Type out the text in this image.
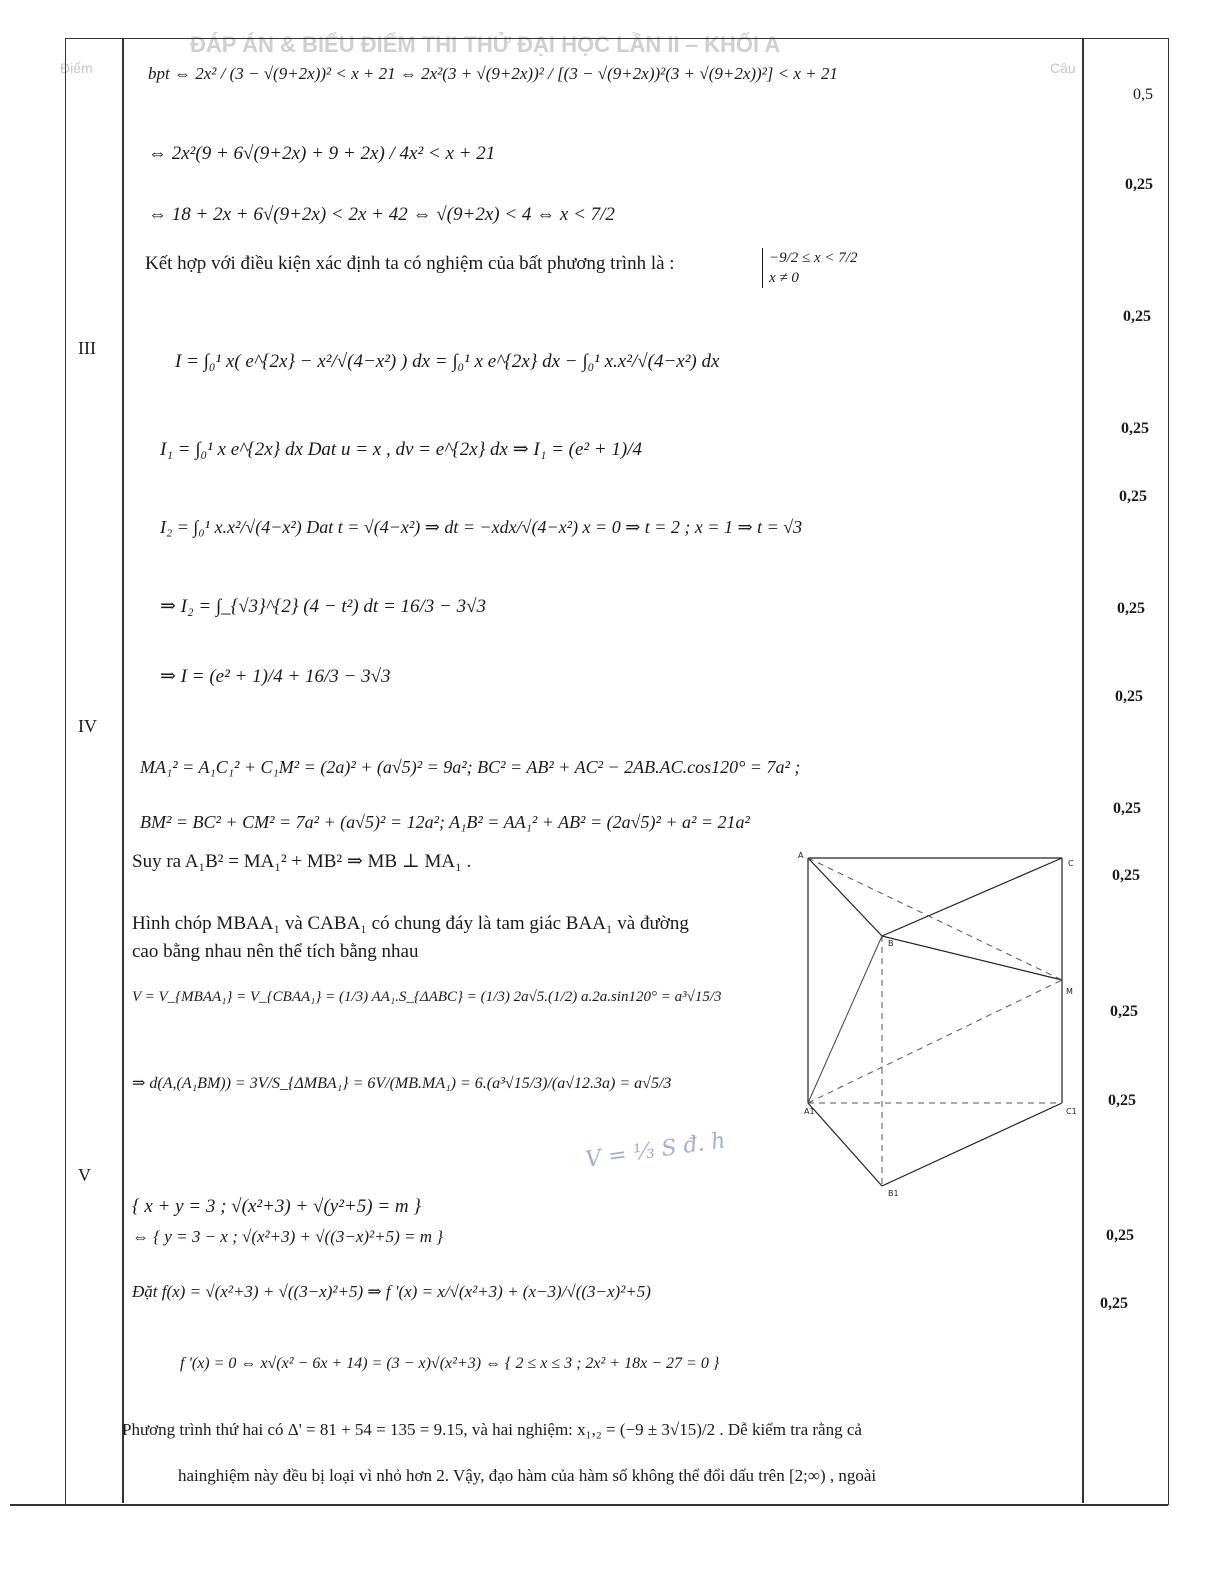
ĐÁP ÁN & BIỂU ĐIỂM THI THỬ ĐẠI HỌC LẦN II – KHỐI A
Câu
Điểm
III
IV
V
bpt ⇔ 2x² / (3 − √(9+2x))² < x + 21 ⇔ 2x²(3 + √(9+2x))² / [(3 − √(9+2x))²(3 + √(9+2x))²] < x + 21
⇔ 2x²(9 + 6√(9+2x) + 9 + 2x) / 4x² < x + 21
⇔ 18 + 2x + 6√(9+2x) < 2x + 42 ⇔ √(9+2x) < 4 ⇔ x < 7/2
Kết hợp với điều kiện xác định ta có nghiệm của bất phương trình là :	−9/2 ≤ x < 7/2
x ≠ 0
I = ∫₀¹ x( e^{2x} − x²/√(4−x²) ) dx = ∫₀¹ x e^{2x} dx − ∫₀¹ x.x²/√(4−x²) dx
I₁ = ∫₀¹ x e^{2x} dx Dat u = x , dv = e^{2x} dx ⇒ I₁ = (e² + 1)/4
I₂ = ∫₀¹ x.x²/√(4−x²) Dat t = √(4−x²) ⇒ dt = −xdx/√(4−x²) x = 0 ⇒ t = 2 ; x = 1 ⇒ t = √3
⇒ I₂ = ∫_{√3}^{2} (4 − t²) dt = 16/3 − 3√3
⇒ I = (e² + 1)/4 + 16/3 − 3√3
MA₁² = A₁C₁² + C₁M² = (2a)² + (a√5)² = 9a²; BC² = AB² + AC² − 2AB.AC.cos120° = 7a² ;
BM² = BC² + CM² = 7a² + (a√5)² = 12a²; A₁B² = AA₁² + AB² = (2a√5)² + a² = 21a²
Suy ra A₁B² = MA₁² + MB² ⇒ MB ⊥ MA₁ .
Hình chóp MBAA₁ và CABA₁ có chung đáy là tam giác BAA₁ và đường
cao bằng nhau nên thể tích bằng nhau
V = V_{MBAA₁} = V_{CBAA₁} = (1/3) AA₁.S_{ΔABC} = (1/3) 2a√5.(1/2) a.2a.sin120° = a³√15/3
⇒ d(A,(A₁BM)) = 3V/S_{ΔMBA₁} = 6V/(MB.MA₁) = 6.(a³√15/3)/(a√12.3a) = a√5/3
{ x + y = 3 ; √(x²+3) + √(y²+5) = m }
⇔ { y = 3 − x ; √(x²+3) + √((3−x)²+5) = m }
Đặt f(x) = √(x²+3) + √((3−x)²+5) ⇒ f '(x) = x/√(x²+3) + (x−3)/√((3−x)²+5)
f '(x) = 0 ⇔ x√(x² − 6x + 14) = (3 − x)√(x²+3) ⇔ { 2 ≤ x ≤ 3 ; 2x² + 18x − 27 = 0 }
Phương trình thứ hai có Δ' = 81 + 54 = 135 = 9.15, và hai nghiệm: x₁,₂ = (−9 ± 3√15)/2 . Dễ kiểm tra rằng cả
hainghiệm này đều bị loại vì nhỏ hơn 2. Vậy, đạo hàm của hàm số không thể đổi dấu trên [2;∞) , ngoài
0,5
0,25
0,25
0,25
0,25
0,25
0,25
0,25
0,25
0,25
0,25
0,25
0,25
A
B
C
M
A1
B1
C1
V = ⅓ S đ. h
